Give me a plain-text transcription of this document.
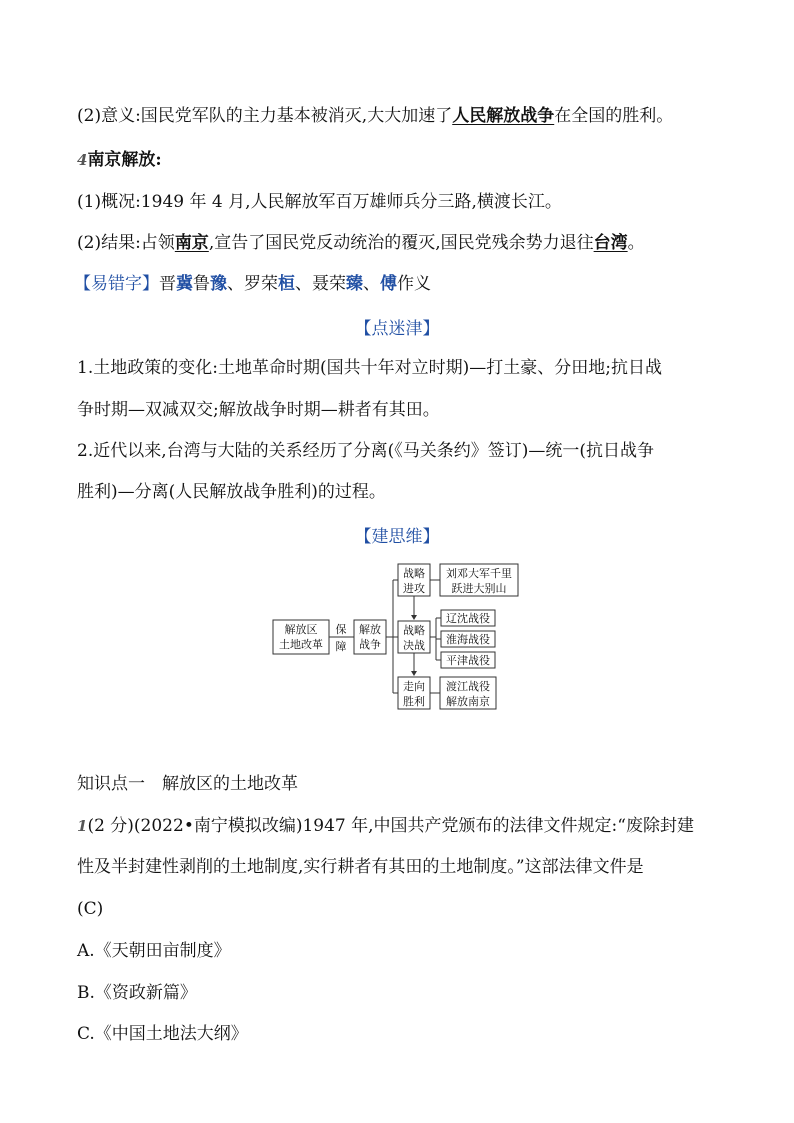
(2)意义:国民党军队的主力基本被消灭,大大加速了人民解放战争在全国的胜利。
4南京解放:
(1)概况:1949 年 4 月,人民解放军百万雄师兵分三路,横渡长江。
(2)结果:占领南京,宣告了国民党反动统治的覆灭,国民党残余势力退往台湾。
【易错字】晋冀鲁豫、罗荣桓、聂荣臻、傅作义
【点迷津】
1.土地政策的变化:土地革命时期(国共十年对立时期)—打土豪、分田地;抗日战
争时期—双减双交;解放战争时期—耕者有其田。
2.近代以来,台湾与大陆的关系经历了分离(《马关条约》签订)—统一(抗日战争
胜利)—分离(人民解放战争胜利)的过程。
【建思维】
解放区
土地改革
保
障
解放
战争
战略
进攻
战略
决战
走向
胜利
刘邓大军千里
跃进大别山
辽沈战役
淮海战役
平津战役
渡江战役
解放南京
知识点一　解放区的土地改革
1(2 分)(2022•南宁模拟改编)1947 年,中国共产党颁布的法律文件规定:“废除封建
性及半封建性剥削的土地制度,实行耕者有其田的土地制度。”这部法律文件是
(C)
A.《天朝田亩制度》
B.《资政新篇》
C.《中国土地法大纲》
